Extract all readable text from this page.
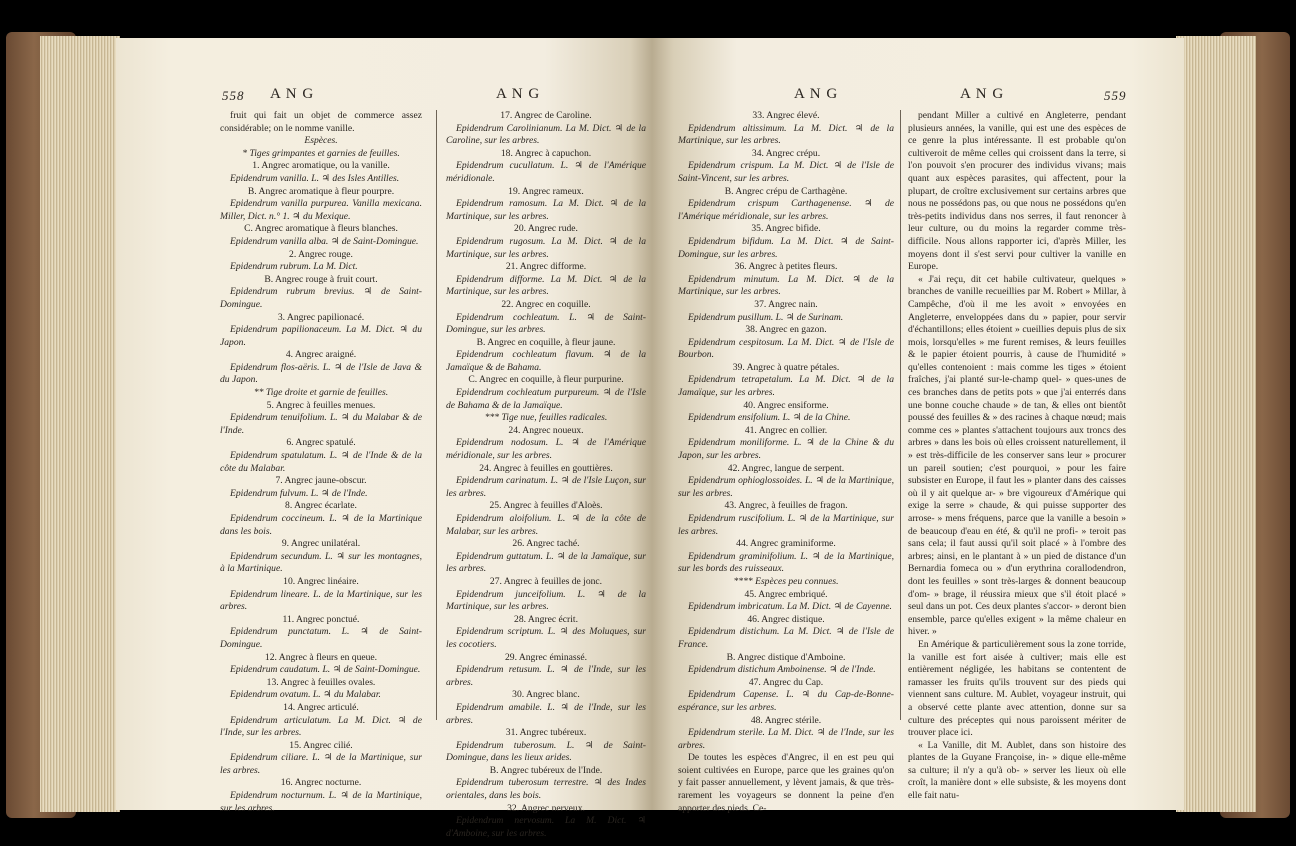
558 A N G	A N G

fruit qui fait un objet de commerce assez considérable; on le nomme vanille.

Espèces.

* Tiges grimpantes et garnies de feuilles.

1. Angrec aromatique, ou la vanille.

Epidendrum vanilla. L. ♃ des Isles Antilles.

B. Angrec aromatique à fleur pourpre.

Epidendrum vanilla purpurea. Vanilla mexicana. Miller, Dict. n.° 1. ♃ du Mexique.

C. Angrec aromatique à fleurs blanches.

Epidendrum vanilla alba. ♃ de Saint-Domingue.

2. Angrec rouge.

Epidendrum rubrum. La M. Dict.

B. Angrec rouge à fruit court.

Epidendrum rubrum brevius. ♃ de Saint-Domingue.

3. Angrec papilionacé.

Epidendrum papilionaceum. La M. Dict. ♃ du Japon.

4. Angrec araigné.

Epidendrum flos-aëris. L. ♃ de l'Isle de Java & du Japon.

** Tige droite et garnie de feuilles.

5. Angrec à feuilles menues.

Epidendrum tenuifolium. L. ♃ du Malabar & de l'Inde.

6. Angrec spatulé.

Epidendrum spatulatum. L. ♃ de l'Inde & de la côte du Malabar.

7. Angrec jaune-obscur.

Epidendrum fulvum. L. ♃ de l'Inde.

8. Angrec écarlate.

Epidendrum coccineum. L. ♃ de la Martinique dans les bois.

9. Angrec unilatéral.

Epidendrum secundum. L. ♃ sur les montagnes, à la Martinique.

10. Angrec linéaire.

Epidendrum lineare. L. de la Martinique, sur les arbres.

11. Angrec ponctué.

Epidendrum punctatum. L. ♃ de Saint-Domingue.

12. Angrec à fleurs en queue.

Epidendrum caudatum. L. ♃ de Saint-Domingue.

13. Angrec à feuilles ovales.

Epidendrum ovatum. L. ♃ du Malabar.

14. Angrec articulé.

Epidendrum articulatum. La M. Dict. ♃ de l'Inde, sur les arbres.

15. Angrec cilié.

Epidendrum ciliare. L. ♃ de la Martinique, sur les arbres.

16. Angrec nocturne.

Epidendrum nocturnum. L. ♃ de la Martinique, sur les arbres.

17. Angrec de Caroline.

Epidendrum Carolinianum. La M. Dict. ♃ de la Caroline, sur les arbres.

18. Angrec à capuchon.

Epidendrum cucullatum. L. ♃ de l'Amérique méridionale.

19. Angrec rameux.

Epidendrum ramosum. La M. Dict. ♃ de la Martinique, sur les arbres.

20. Angrec rude.

Epidendrum rugosum. La M. Dict. ♃ de la Martinique, sur les arbres.

21. Angrec difforme.

Epidendrum difforme. La M. Dict. ♃ de la Martinique, sur les arbres.

22. Angrec en coquille.

Epidendrum cochleatum. L. ♃ de Saint-Domingue, sur les arbres.

B. Angrec en coquille, à fleur jaune.

Epidendrum cochleatum flavum. ♃ de la Jamaïque & de Bahama.

C. Angrec en coquille, à fleur purpurine.

Epidendrum cochleatum purpureum. ♃ de l'Isle de Bahama & de la Jamaïque.

*** Tige nue, feuilles radicales.

24. Angrec noueux.

Epidendrum nodosum. L. ♃ de l'Amérique méridionale, sur les arbres.

24. Angrec à feuilles en gouttières.

Epidendrum carinatum. L. ♃ de l'Isle Luçon, sur les arbres.

25. Angrec à feuilles d'Aloès.

Epidendrum aloifolium. L. ♃ de la côte de Malabar, sur les arbres.

26. Angrec taché.

Epidendrum guttatum. L. ♃ de la Jamaïque, sur les arbres.

27. Angrec à feuilles de jonc.

Epidendrum junceifolium. L. ♃ de la Martinique, sur les arbres.

28. Angrec écrit.

Epidendrum scriptum. L. ♃ des Moluques, sur les cocotiers.

29. Angrec éminassé.

Epidendrum retusum. L. ♃ de l'Inde, sur les arbres.

30. Angrec blanc.

Epidendrum amabile. L. ♃ de l'Inde, sur les arbres.

31. Angrec tubéreux.

Epidendrum tuberosum. L. ♃ de Saint-Domingue, dans les lieux arides.

B. Angrec tubéreux de l'Inde.

Epidendrum tuberosum terrestre. ♃ des Indes orientales, dans les bois.

32. Angrec nerveux.

Epidendrum nervosum. La M. Dict. ♃ d'Amboine, sur les arbres.

A N G	A N G	559

33. Angrec élevé.

Epidendrum altissimum. La M. Dict. ♃ de la Martinique, sur les arbres.

34. Angrec crépu.

Epidendrum crispum. La M. Dict. ♃ de l'Isle de Saint-Vincent, sur les arbres.

B. Angrec crépu de Carthagène.

Epidendrum crispum Carthagenense. ♃ de l'Amérique méridionale, sur les arbres.

35. Angrec bifide.

Epidendrum bifidum. La M. Dict. ♃ de Saint-Domingue, sur les arbres.

36. Angrec à petites fleurs.

Epidendrum minutum. La M. Dict. ♃ de la Martinique, sur les arbres.

37. Angrec nain.

Epidendrum pusillum. L. ♃ de Surinam.

38. Angrec en gazon.

Epidendrum cespitosum. La M. Dict. ♃ de l'Isle de Bourbon.

39. Angrec à quatre pétales.

Epidendrum tetrapetalum. La M. Dict. ♃ de la Jamaïque, sur les arbres.

40. Angrec ensiforme.

Epidendrum ensifolium. L. ♃ de la Chine.

41. Angrec en collier.

Epidendrum moniliforme. L. ♃ de la Chine & du Japon, sur les arbres.

42. Angrec, langue de serpent.

Epidendrum ophioglossoides. L. ♃ de la Martinique, sur les arbres.

43. Angrec, à feuilles de fragon.

Epidendrum ruscifolium. L. ♃ de la Martinique, sur les arbres.

44. Angrec graminiforme.

Epidendrum graminifolium. L. ♃ de la Martinique, sur les bords des ruisseaux.

**** Espèces peu connues.

45. Angrec embriqué.

Epidendrum imbricatum. La M. Dict. ♃ de Cayenne.

46. Angrec distique.

Epidendrum distichum. La M. Dict. ♃ de l'Isle de France.

B. Angrec distique d'Amboine.

Epidendrum distichum Amboinense. ♃ de l'Inde.

47. Angrec du Cap.

Epidendrum Capense. L. ♃ du Cap-de-Bonne-espérance, sur les arbres.

48. Angrec stérile.

Epidendrum sterile. La M. Dict. ♃ de l'Inde, sur les arbres.

De toutes les espèces d'Angrec, il en est peu qui soient cultivées en Europe, parce que les graines qu'on y fait passer annuellement, y lèvent jamais, & que très-rarement les voyageurs se donnent la peine d'en apporter des pieds. Ce-

pendant Miller a cultivé en Angleterre, pendant plusieurs années, la vanille, qui est une des espèces de ce genre la plus intéressante. Il est probable qu'on cultiveroit de même celles qui croissent dans la terre, si l'on pouvoit s'en procurer des individus vivans; mais quant aux espèces parasites, qui affectent, pour la plupart, de croître exclusivement sur certains arbres que nous ne possédons pas, ou que nous ne possédons qu'en très-petits individus dans nos serres, il faut renoncer à leur culture, ou du moins la regarder comme très-difficile. Nous allons rapporter ici, d'après Miller, les moyens dont il s'est servi pour cultiver la vanille en Europe.

« J'ai reçu, dit cet habile cultivateur, quelques » branches de vanille recueillies par M. Robert » Millar, à Campêche, d'où il me les avoit » envoyées en Angleterre, enveloppées dans du » papier, pour servir d'échantillons; elles étoient » cueillies depuis plus de six mois, lorsqu'elles » me furent remises, & leurs feuilles & le papier étoient pourris, à cause de l'humidité » qu'elles contenoient : mais comme les tiges » étoient fraîches, j'ai planté sur-le-champ quel- » ques-unes de ces branches dans de petits pots » que j'ai enterrés dans une bonne couche chaude » de tan, & elles ont bientôt poussé des feuilles & » des racines à chaque nœud; mais comme ces » plantes s'attachent toujours aux troncs des arbres » dans les bois où elles croissent naturellement, il » est très-difficile de les conserver sans leur » procurer un pareil soutien; c'est pourquoi, » pour les faire subsister en Europe, il faut les » planter dans des caisses où il y ait quelque ar- » bre vigoureux d'Amérique qui exige la serre » chaude, & qui puisse supporter des arrose- » mens fréquens, parce que la vanille a besoin » de beaucoup d'eau en été, & qu'il ne profi- » teroit pas sans cela; il faut aussi qu'il soit placé » à l'ombre des arbres; ainsi, en le plantant à » un pied de distance d'un Bernardia fomeca ou » d'un erythrina corallodendron, dont les feuilles » sont très-larges & donnent beaucoup d'om- » brage, il réussira mieux que s'il étoit placé » seul dans un pot. Ces deux plantes s'accor- » deront bien ensemble, parce qu'elles exigent » la même chaleur en hiver. »

En Amérique & particulièrement sous la zone torride, la vanille est fort aisée à cultiver; mais elle est entièrement négligée, les habitans se contentent de ramasser les fruits qu'ils trouvent sur des pieds qui viennent sans culture. M. Aublet, voyageur instruit, qui a observé cette plante avec attention, donne sur sa culture des préceptes qui nous paroissent mériter de trouver place ici.

« La Vanille, dit M. Aublet, dans son histoire des plantes de la Guyane Françoise, in- » dique elle-même sa culture; il n'y a qu'à ob- » server les lieux où elle croît, la manière dont » elle subsiste, & les moyens dont elle fait natu-
